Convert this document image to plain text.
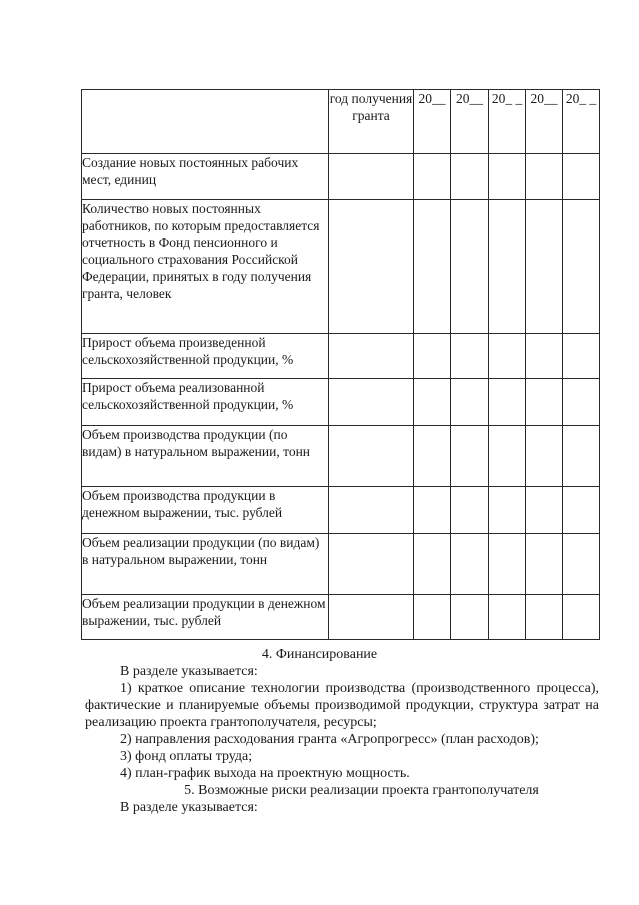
	год получения гранта	20__	20__	20_ _	20__	20_ _
Создание новых постоянных рабочих мест, единиц						
Количество новых постоянных работников, по которым предоставляется отчетность в Фонд пенсионного и социального страхования Российской Федерации, принятых в году получения гранта, человек						
Прирост объема произведенной сельскохозяйственной продукции, %						
Прирост объема реализованной сельскохозяйственной продукции, %						
Объем производства продукции (по видам) в натуральном выражении, тонн						
Объем производства продукции в денежном выражении, тыс. рублей						
Объем реализации продукции (по видам) в натуральном выражении, тонн						
Объем реализации продукции в денежном выражении, тыс. рублей						
4. Финансирование
В разделе указывается:
1) краткое описание технологии производства (производственного процесса), фактические и планируемые объемы производимой продукции, структура затрат на реализацию проекта грантополучателя, ресурсы;
2) направления расходования гранта «Агропрогресс» (план расходов);
3) фонд оплаты труда;
4) план-график выхода на проектную мощность.
5. Возможные риски реализации проекта грантополучателя
В разделе указывается:
